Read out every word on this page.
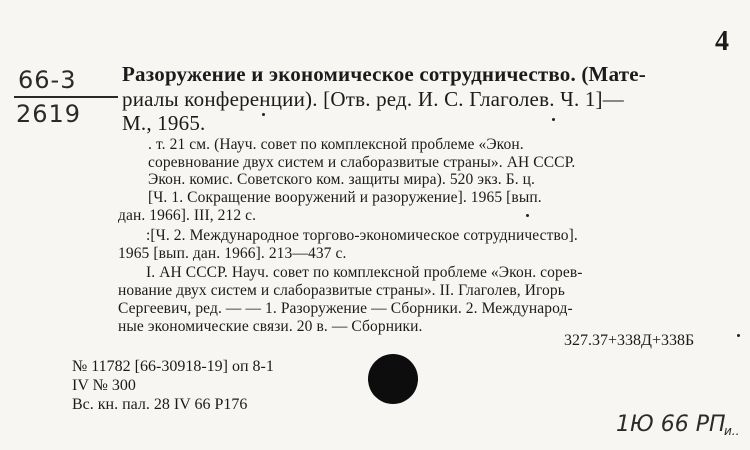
4
66-3
2619
Разоружение и экономическое сотрудничество. (Мате-
риалы конференции). [Отв. ред. И. С. Глаголев. Ч. 1]—
М., 1965.
. т. 21 см. (Науч. совет по комплексной проблеме «Экон.
соревнование двух систем и слаборазвитые страны». АН СССР.
Экон. комис. Советского ком. защиты мира). 520 экз. Б. ц.
[Ч. 1. Сокращение вооружений и разоружение]. 1965 [вып.
дан. 1966]. III, 212 с.
:[Ч. 2. Международное торгово-экономическое сотрудничество].
1965 [вып. дан. 1966]. 213—437 с.
I. АН СССР. Науч. совет по комплексной проблеме «Экон. сорев-
нование двух систем и слаборазвитые страны». II. Глаголев, Игорь
Сергеевич, ред. — — 1. Разоружение — Сборники. 2. Международ-
ные экономические связи. 20 в. — Сборники.
327.37+338Д+338Б
№ 11782 [66-30918-19] оп 8-1
IV № 300
Вс. кн. пал. 28 IV 66 Р176
1Ю 66 РП
и..
